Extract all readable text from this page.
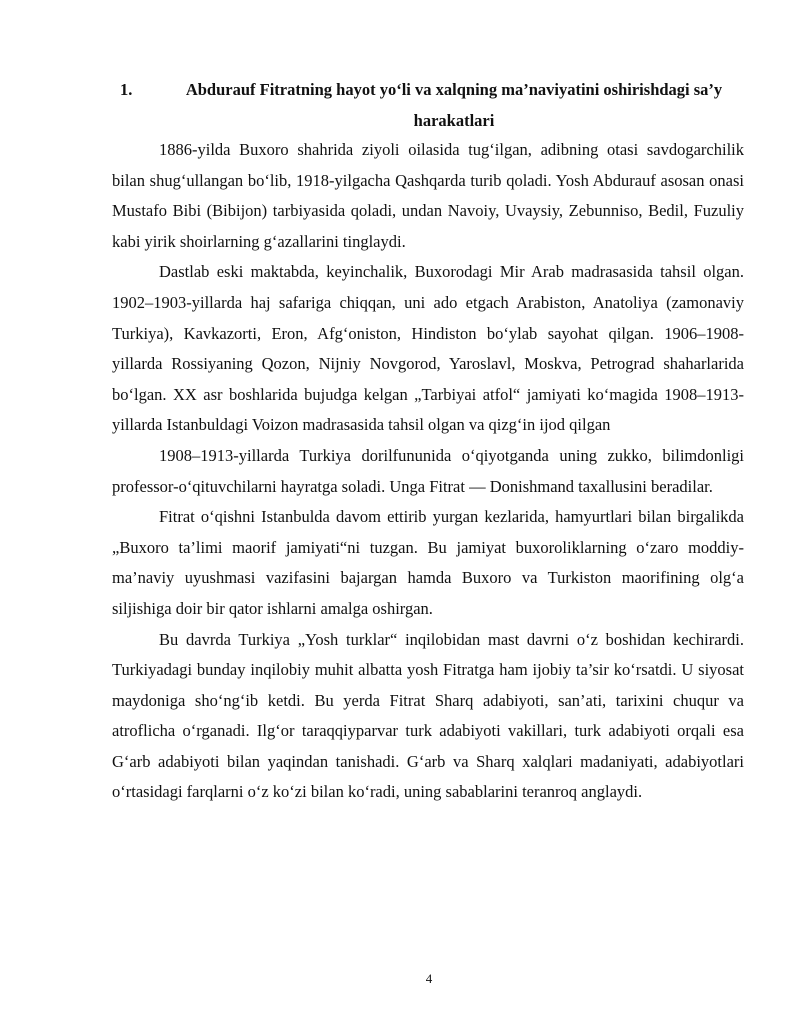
1.	Abdurauf Fitratning hayot yo‘li va xalqning ma’naviyatini oshirishdagi sa’y harakatlari

1886-yilda Buxoro shahrida ziyoli oilasida tug‘ilgan, adibning otasi savdogarchilik bilan shug‘ullangan bo‘lib, 1918-yilgacha Qashqarda turib qoladi. Yosh Abdurauf asosan onasi Mustafo Bibi (Bibijon) tarbiyasida qoladi, undan Navoiy, Uvaysiy, Zebunniso, Bedil, Fuzuliy kabi yirik shoirlarning g‘azallarini tinglaydi.

Dastlab eski maktabda, keyinchalik, Buxorodagi Mir Arab madrasasida tahsil olgan. 1902–1903-yillarda haj safariga chiqqan, uni ado etgach Arabiston, Anatoliya (zamonaviy Turkiya), Kavkazorti, Eron, Afg‘oniston, Hindiston bo‘ylab sayohat qilgan. 1906–1908-yillarda Rossiyaning Qozon, Nijniy Novgorod, Yaroslavl, Moskva, Petrograd shaharlarida bo‘lgan. XX asr boshlarida bujudga kelgan „Tarbiyai atfol“ jamiyati ko‘magida 1908–1913-yillarda Istanbuldagi Voizon madrasasida tahsil olgan va qizg‘in ijod qilgan

1908–1913-yillarda Turkiya dorilfununida o‘qiyotganda uning zukko, bilimdonligi professor-o‘qituvchilarni hayratga soladi. Unga Fitrat — Donishmand taxallusini beradilar.

Fitrat o‘qishni Istanbulda davom ettirib yurgan kezlarida, hamyurtlari bilan birgalikda „Buxoro ta’limi maorif jamiyati“ni tuzgan. Bu jamiyat buxoroliklarning o‘zaro moddiy-ma’naviy uyushmasi vazifasini bajargan hamda Buxoro va Turkiston maorifining olg‘a siljishiga doir bir qator ishlarni amalga oshirgan.

Bu davrda Turkiya „Yosh turklar“ inqilobidan mast davrni o‘z boshidan kechirardi. Turkiyadagi bunday inqilobiy muhit albatta yosh Fitratga ham ijobiy ta’sir ko‘rsatdi. U siyosat maydoniga sho‘ng‘ib ketdi. Bu yerda Fitrat Sharq adabiyoti, san’ati, tarixini chuqur va atroflicha o‘rganadi. Ilg‘or taraqqiyparvar turk adabiyoti vakillari, turk adabiyoti orqali esa G‘arb adabiyoti bilan yaqindan tanishadi. G‘arb va Sharq xalqlari madaniyati, adabiyotlari o‘rtasidagi farqlarni o‘z ko‘zi bilan ko‘radi, uning sabablarini teranroq anglaydi.

4
